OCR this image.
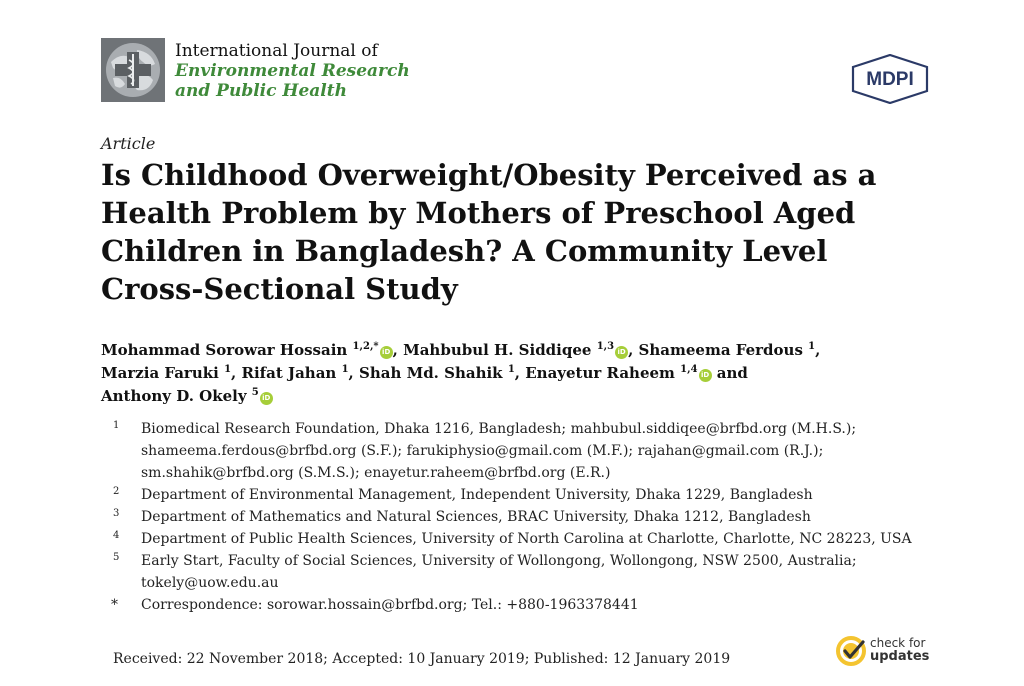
International Journal of
Environmental Research
and Public Health
MDPI
Article
Is Childhood Overweight/Obesity Perceived as a Health Problem by Mothers of Preschool Aged Children in Bangladesh? A Community Level Cross-Sectional Study
Mohammad Sorowar Hossain $^{1,2,*}$ iD , Mahbubul H. Siddiqee $^{1,3}$ iD , Shameema Ferdous $^1$,
Marzia Faruki $^1$, Rifat Jahan $^1$, Shah Md. Shahik $^1$, Enayetur Raheem $^{1,4}$ iD and
Anthony D. Okely $^5$ iD
1 Biomedical Research Foundation, Dhaka 1216, Bangladesh; mahbubul.siddiqee@brfbd.org (M.H.S.);
shameema.ferdous@brfbd.org (S.F.); farukiphysio@gmail.com (M.F.); rajahan@gmail.com (R.J.);
sm.shahik@brfbd.org (S.M.S.); enayetur.raheem@brfbd.org (E.R.)
2 Department of Environmental Management, Independent University, Dhaka 1229, Bangladesh
3 Department of Mathematics and Natural Sciences, BRAC University, Dhaka 1212, Bangladesh
4 Department of Public Health Sciences, University of North Carolina at Charlotte, Charlotte, NC 28223, USA
5 Early Start, Faculty of Social Sciences, University of Wollongong, Wollongong, NSW 2500, Australia;
tokely@uow.edu.au
* Correspondence: sorowar.hossain@brfbd.org; Tel.: +880-1963378441
Received: 22 November 2018; Accepted: 10 January 2019; Published: 12 January 2019
check for
updates
